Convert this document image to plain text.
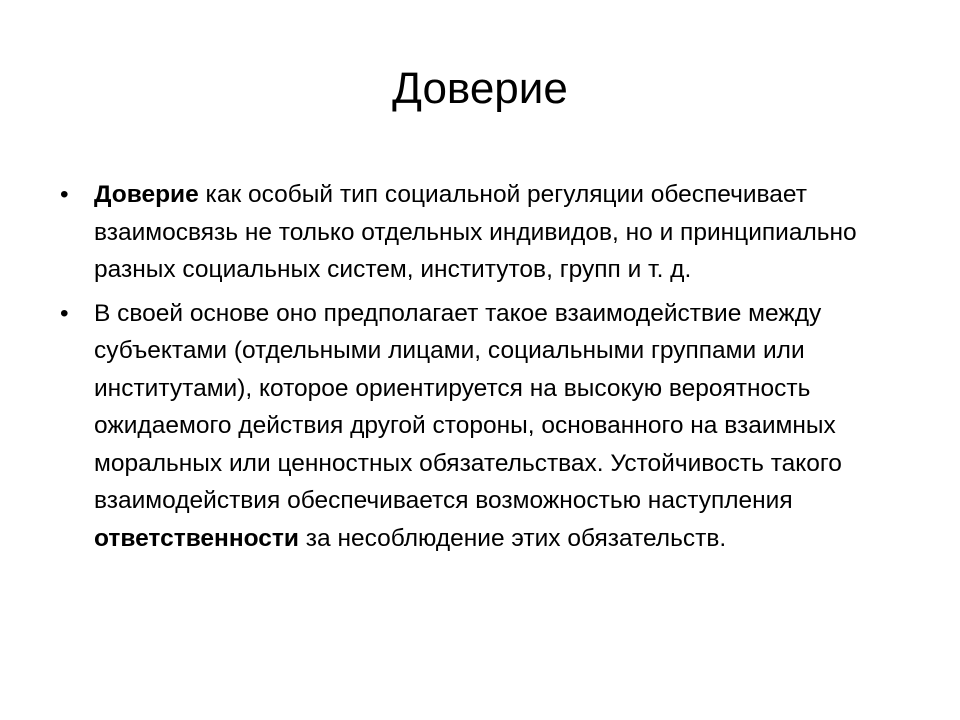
Доверие
• Доверие как особый тип социальной регуляции обеспечивает взаимосвязь не только отдельных индивидов, но и принципиально разных социальных систем, институтов, групп и т. д.
• В своей основе оно предполагает такое взаимодействие между субъектами (отдельными лицами, социальными группами или институтами), которое ориентируется на высокую вероятность ожидаемого действия другой стороны, основанного на взаимных моральных или ценностных обязательствах. Устойчивость такого взаимодействия обеспечивается возможностью наступления ответственности за несоблюдение этих обязательств.
